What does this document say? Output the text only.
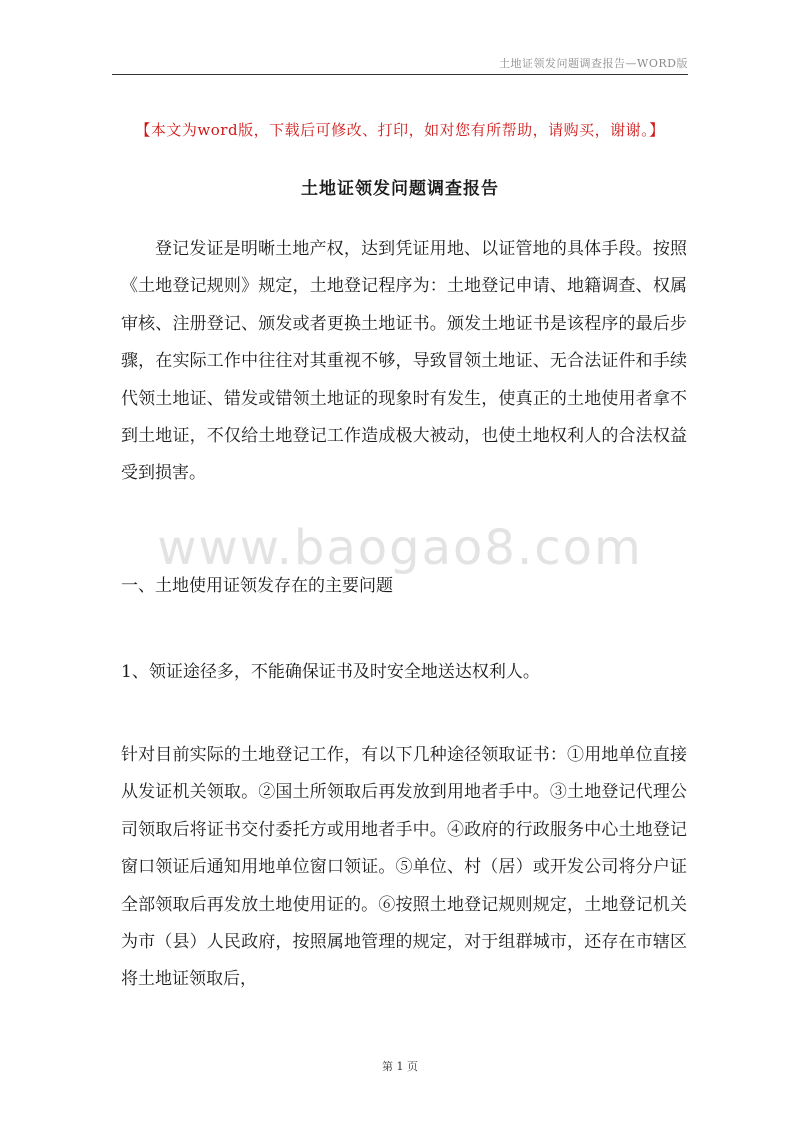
土地证领发问题调查报告—WORD版
【本文为word版，下载后可修改、打印，如对您有所帮助，请购买，谢谢。】
土地证领发问题调查报告

登记发证是明晰土地产权，达到凭证用地、以证管地的具体手段。按照《土地登记规则》规定，土地登记程序为：土地登记申请、地籍调查、权属审核、注册登记、颁发或者更换土地证书。颁发土地证书是该程序的最后步骤，在实际工作中往往对其重视不够，导致冒领土地证、无合法证件和手续代领土地证、错发或错领土地证的现象时有发生，使真正的土地使用者拿不到土地证，不仅给土地登记工作造成极大被动，也使土地权利人的合法权益受到损害。

www.baogao8.com

一、土地使用证领发存在的主要问题

1、领证途径多，不能确保证书及时安全地送达权利人。

针对目前实际的土地登记工作，有以下几种途径领取证书：①用地单位直接从发证机关领取。②国土所领取后再发放到用地者手中。③土地登记代理公司领取后将证书交付委托方或用地者手中。④政府的行政服务中心土地登记窗口领证后通知用地单位窗口领证。⑤单位、村（居）或开发公司将分户证全部领取后再发放土地使用证的。⑥按照土地登记规则规定，土地登记机关为市（县）人民政府，按照属地管理的规定，对于组群城市，还存在市辖区将土地证领取后，

第 1 页
